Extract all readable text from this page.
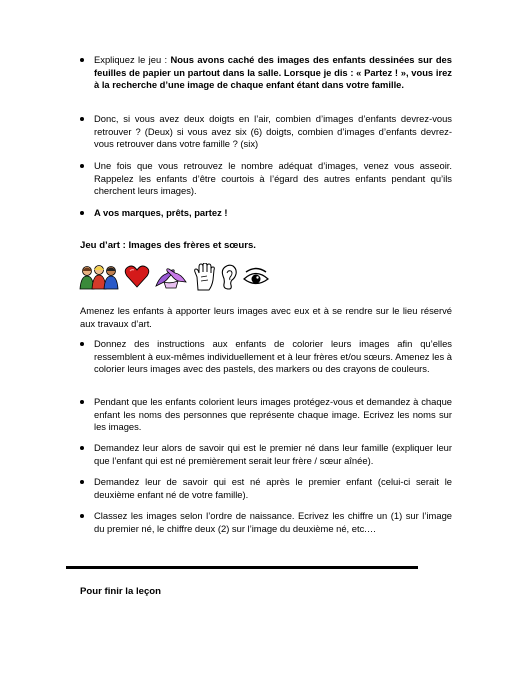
Expliquez le jeu : Nous avons caché des images des enfants dessinées sur des feuilles de papier un partout dans la salle. Lorsque je dis : « Partez ! », vous irez à la recherche d’une image de chaque enfant étant dans votre famille.
Donc, si vous avez deux doigts en l’air, combien d’images d’enfants devrez-vous retrouver ? (Deux) si vous avez six (6) doigts, combien d’images d’enfants devrez-vous retrouver dans votre famille ? (six)
Une fois que vous retrouvez le nombre adéquat d’images, venez vous asseoir. Rappelez les enfants d’être courtois à l’égard des autres enfants pendant qu’ils cherchent leurs images).
A vos marques, prêts, partez !
Jeu d’art : Images des frères et sœurs.
Amenez les enfants à apporter leurs images avec eux et à se rendre sur le lieu réservé aux travaux d’art.
Donnez des instructions aux enfants de colorier leurs images afin qu’elles ressemblent à eux-mêmes individuellement et à leur frères et/ou sœurs. Amenez les à colorier leurs images avec des pastels, des markers ou des crayons de couleurs.
Pendant que les enfants colorient leurs images protégez-vous et demandez à chaque enfant les noms des personnes que représente chaque image. Ecrivez les noms sur les images.
Demandez leur alors de savoir qui est le premier né dans leur famille (expliquer leur que l’enfant qui est né premièrement serait leur frère / sœur aînée).
Demandez leur de savoir qui est né après le premier enfant (celui-ci serait le deuxième enfant né de votre famille).
Classez les images selon l’ordre de naissance. Ecrivez les chiffre un (1) sur l’image du premier né, le chiffre deux (2) sur l’image du deuxième né, etc.…
Pour finir la leçon
